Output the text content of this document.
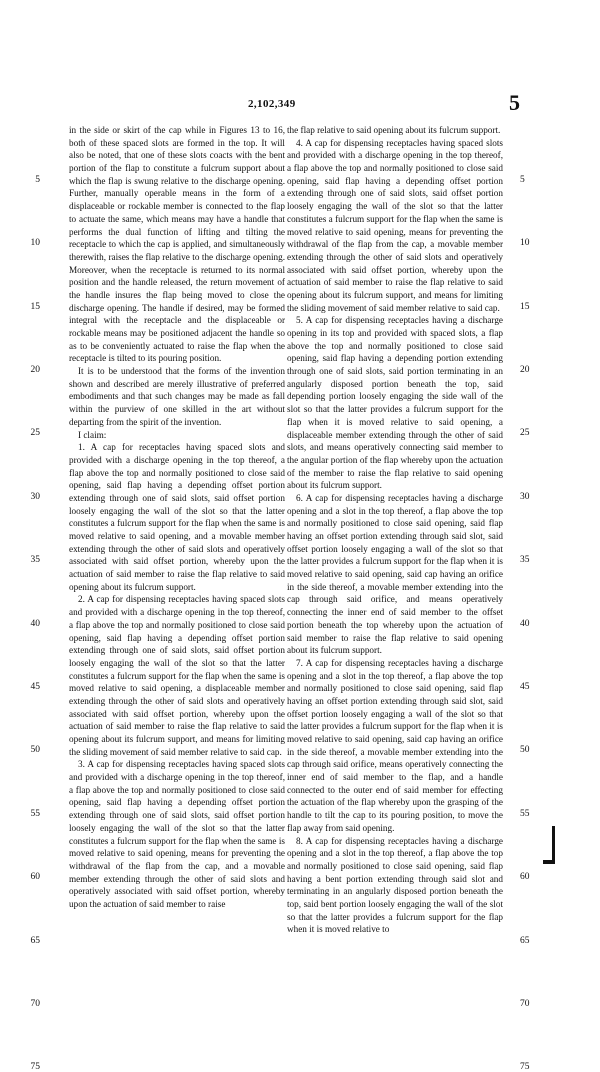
2,102,349	5
5
10
15
20
25
30
35
40
45
50
55
60

in the side or skirt of the cap while in Figures 13 to 16, both of these spaced slots are formed in the top. It will also be noted, that one of these slots coacts with the bent portion of the flap to constitute a fulcrum support about which the flap is swung relative to the discharge opening. Further, manually operable means in the form of a displaceable or rockable member is connected to the flap to actuate the same, which means may have a handle that performs the dual function of lifting and tilting the receptacle to which the cap is applied, and simultaneously therewith, raises the flap relative to the discharge opening. Moreover, when the receptacle is returned to its normal position and the handle released, the return movement of the handle insures the flap being moved to close the discharge opening. The handle if desired, may be formed integral with the receptacle and the displaceable or rockable means may be positioned adjacent the handle so as to be conveniently actuated to raise the flap when the receptacle is tilted to its pouring position.

It is to be understood that the forms of the invention shown and described are merely illustrative of preferred embodiments and that such changes may be made as fall within the purview of one skilled in the art without departing from the spirit of the invention.

I claim:

1. A cap for receptacles having spaced slots and provided with a discharge opening in the top thereof, a flap above the top and normally positioned to close said opening, said flap having a depending offset portion extending through one of said slots, said offset portion loosely engaging the wall of the slot so that the latter constitutes a fulcrum support for the flap when the same is moved relative to said opening, and a movable member extending through the other of said slots and operatively associated with said offset portion, whereby upon the actuation of said member to raise the flap relative to said opening about its fulcrum support.

2. A cap for dispensing receptacles having spaced slots and provided with a discharge opening in the top thereof, a flap above the top and normally positioned to close said opening, said flap having a depending offset portion extending through one of said slots, said offset portion loosely engaging the wall of the slot so that the latter constitutes a fulcrum support for the flap when the same is moved relative to said opening, a displaceable member extending through the other of said slots and operatively associated with said offset portion, whereby upon the actuation of said member to raise the flap relative to said opening about its fulcrum support, and means for limiting the sliding movement of said member relative to said cap.

3. A cap for dispensing receptacles having spaced slots and provided with a discharge opening in the top thereof, a flap above the top and normally positioned to close said opening, said flap having a depending offset portion extending through one of said slots, said offset portion loosely engaging the wall of the slot so that the latter constitutes a fulcrum support for the flap when the same is moved relative to said opening, means for preventing the withdrawal of the flap from the cap, and a movable member extending through the other of said slots and operatively associated with said offset portion, whereby upon the actuation of said member to raise

the flap relative to said opening about its fulcrum support.

4. A cap for dispensing receptacles having spaced slots and provided with a discharge opening in the top thereof, a flap above the top and normally positioned to close said opening, said flap having a depending offset portion extending through one of said slots, said offset portion loosely engaging the wall of the slot so that the latter constitutes a fulcrum support for the flap when the same is moved relative to said opening, means for preventing the withdrawal of the flap from the cap, a movable member extending through the other of said slots and operatively associated with said offset portion, whereby upon the actuation of said member to raise the flap relative to said opening about its fulcrum support, and means for limiting the sliding movement of said member relative to said cap.

5. A cap for dispensing receptacles having a discharge opening in its top and provided with spaced slots, a flap above the top and normally positioned to close said opening, said flap having a depending portion extending through one of said slots, said portion terminating in an angularly disposed portion beneath the top, said depending portion loosely engaging the side wall of the slot so that the latter provides a fulcrum support for the flap when it is moved relative to said opening, a displaceable member extending through the other of said slots, and means operatively connecting said member to the angular portion of the flap whereby upon the actuation of the member to raise the flap relative to said opening about its fulcrum support.

6. A cap for dispensing receptacles having a discharge opening and a slot in the top thereof, a flap above the top and normally positioned to close said opening, said flap having an offset portion extending through said slot, said offset portion loosely engaging a wall of the slot so that the latter provides a fulcrum support for the flap when it is moved relative to said opening, said cap having an orifice in the side thereof, a movable member extending into the cap through said orifice, and means operatively connecting the inner end of said member to the offset portion beneath the top whereby upon the actuation of said member to raise the flap relative to said opening about its fulcrum support.

7. A cap for dispensing receptacles having a discharge opening and a slot in the top thereof, a flap above the top and normally positioned to close said opening, said flap having an offset portion extending through said slot, said offset portion loosely engaging a wall of the slot so that the latter provides a fulcrum support for the flap when it is moved relative to said opening, said cap having an orifice in the side thereof, a movable member extending into the cap through said orifice, means operatively connecting the inner end of said member to the flap, and a handle connected to the outer end of said member for effecting the actuation of the flap whereby upon the grasping of the handle to tilt the cap to its pouring position, to move the flap away from said opening.

8. A cap for dispensing receptacles having a discharge opening and a slot in the top thereof, a flap above the top and normally positioned to close said opening, said flap having a bent portion extending through said slot and terminating in an angularly disposed portion beneath the top, said bent portion loosely engaging the wall of the slot so that the latter provides a fulcrum support for the flap when it is moved relative to

5
10
15
20
25
30
35
40
45
50
55
60
65
70
75
65
70
75
